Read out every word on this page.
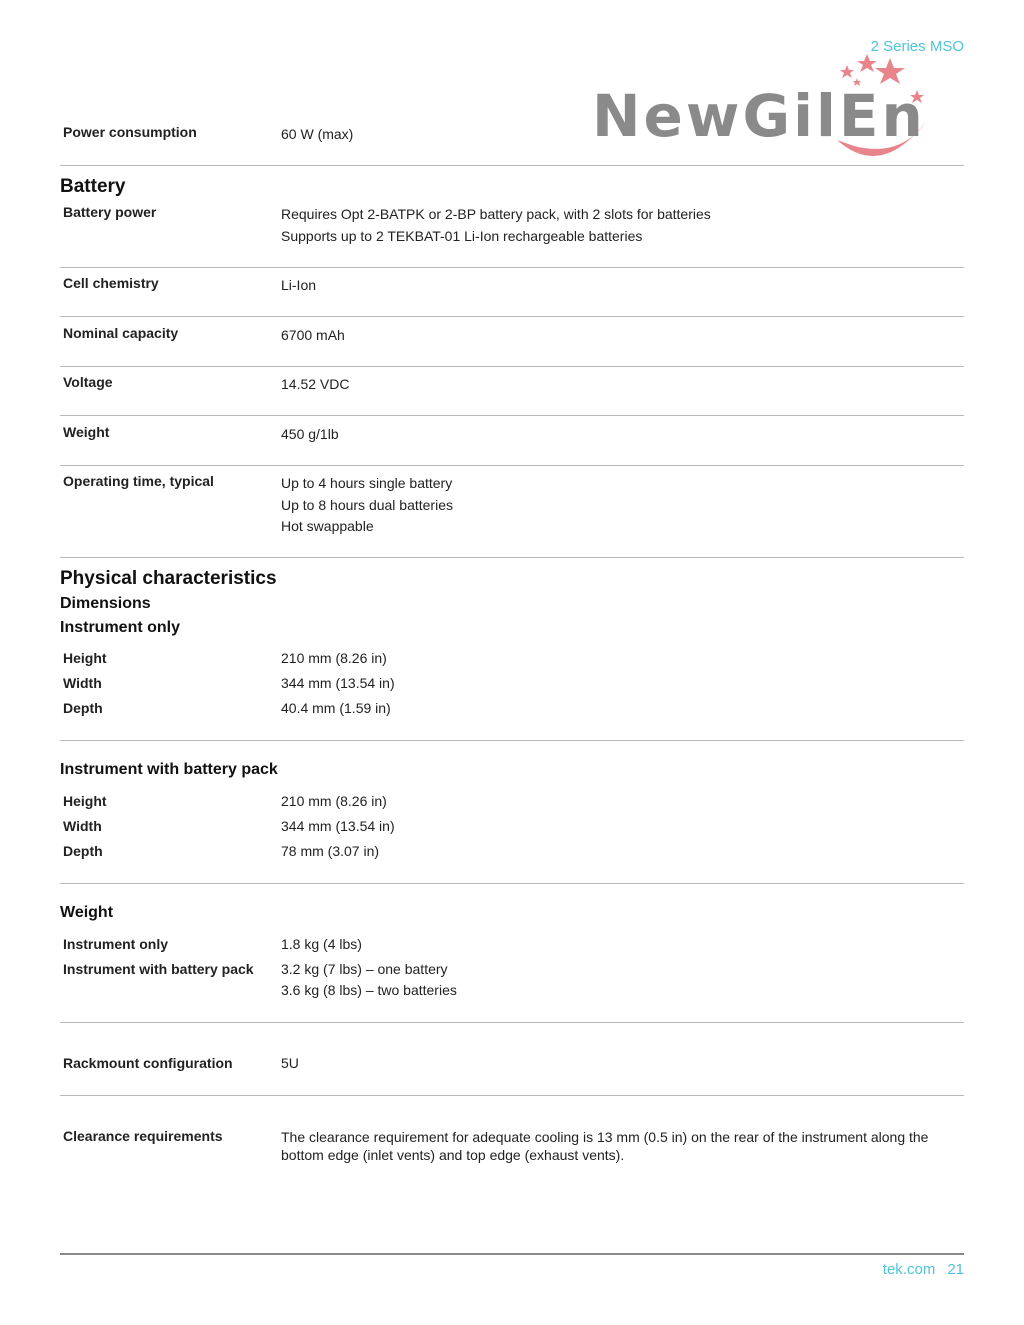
2 Series MSO
NewGilEn
Power consumption	60 W (max)
Battery
Battery power	Requires Opt 2-BATPK or 2-BP battery pack, with 2 slots for batteries
Supports up to 2 TEKBAT-01 Li-Ion rechargeable batteries
Cell chemistry	Li-Ion
Nominal capacity	6700 mAh
Voltage	14.52 VDC
Weight	450 g/1lb
Operating time, typical	Up to 4 hours single battery
Up to 8 hours dual batteries
Hot swappable
Physical characteristics
Dimensions
Instrument only
Height	210 mm (8.26 in)
Width	344 mm (13.54 in)
Depth	40.4 mm (1.59 in)
Instrument with battery pack
Height	210 mm (8.26 in)
Width	344 mm (13.54 in)
Depth	78 mm (3.07 in)
Weight
Instrument only	1.8 kg (4 lbs)
Instrument with battery pack 3.2 kg (7 lbs) – one battery
3.6 kg (8 lbs) – two batteries
Rackmount configuration	5U
Clearance requirements	The clearance requirement for adequate cooling is 13 mm (0.5 in) on the rear of the instrument along the bottom edge (inlet vents) and top edge (exhaust vents).
tek.com 21
